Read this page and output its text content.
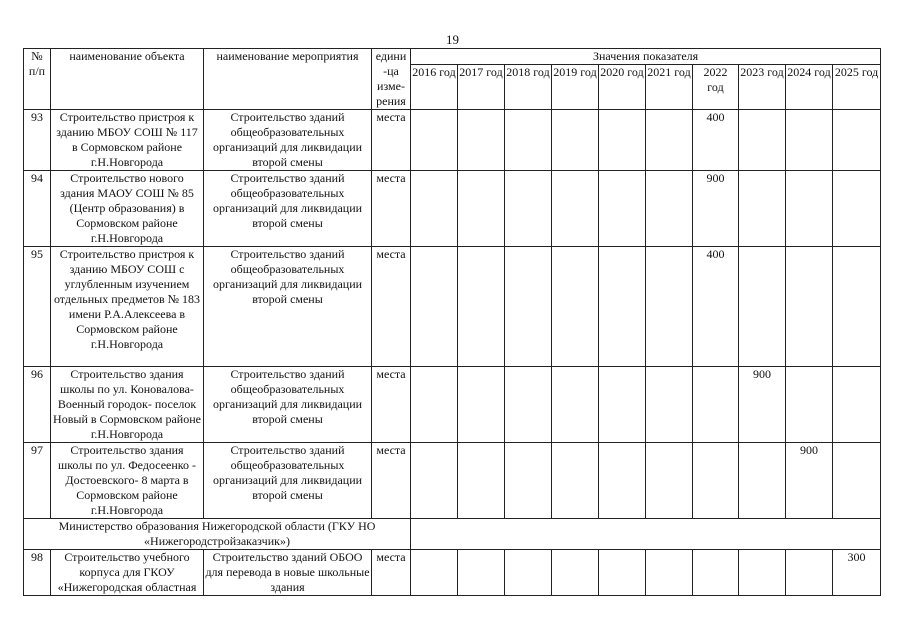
19
№ п/п	наименование объекта	наименование мероприятия	едини -ца изме- рения	Значения показателя									
				2016 год	2017 год	2018 год	2019 год	2020 год	2021 год	2022 год	2023 год	2024 год	2025 год
93	Строительство пристроя к зданию МБОУ СОШ № 117 в Сормовском районе г.Н.Новгорода	Строительство зданий общеобразовательных организаций для ликвидации второй смены	места							400			
94	Строительство нового здания МАОУ СОШ № 85 (Центр образования) в Сормовском районе г.Н.Новгорода	Строительство зданий общеобразовательных организаций для ликвидации второй смены	места							900			
95	Строительство пристроя к зданию МБОУ СОШ с углубленным изучением отдельных предметов № 183 имени Р.А.Алексеева в Сормовском районе г.Н.Новгорода	Строительство зданий общеобразовательных организаций для ликвидации второй смены	места							400			
96	Строительство здания школы по ул. Коновалова-Военный городок- поселок Новый в Сормовском районе г.Н.Новгорода	Строительство зданий общеобразовательных организаций для ликвидации второй смены	места								900		
97	Строительство здания школы по ул. Федосеенко - Достоевского- 8 марта в Сормовском районе г.Н.Новгорода	Строительство зданий общеобразовательных организаций для ликвидации второй смены	места									900	
Министерство образования Нижегородской области (ГКУ НО «Нижегородстройзаказчик»)													
98	Строительство учебного корпуса для ГКОУ «Нижегородская областная	Строительство зданий ОБОО для перевода в новые школьные здания	места										300
